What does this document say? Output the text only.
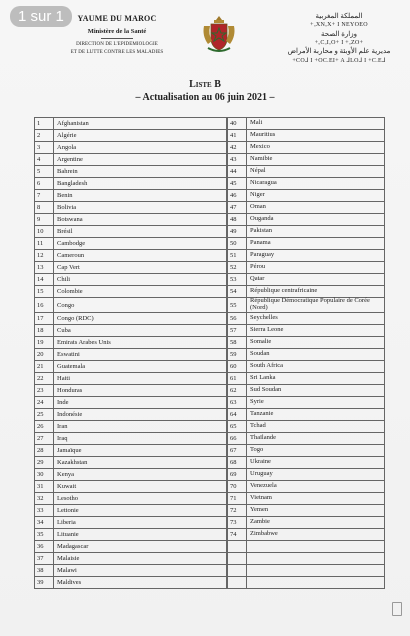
YAUME DU MAROC
Ministère de la Santé
DIRECTION DE L'EPIDEMIOLOGIE
ET DE LUTTE CONTRE LES MALADIES
المملكة المغربية
+ₒXNₒX+ I NEYOEO
وزارة الصحة
+ₒCₒIₒO+ I +ₒZO+
مديرية علم الأوبئة و محاربة الأمراض
+CO⅃ I +OC.EI+ A ⅃LO⅃ I +C.E⅃
Liste B
– Actualisation au 06 juin 2021 –
1	Afghanistan
2	Algérie
3	Angola
4	Argentine
5	Bahrein
6	Bangladesh
7	Benin
8	Bolivia
9	Botswana
10	Brésil
11	Cambodge
12	Cameroun
13	Cap Vert
14	Chili
15	Colombie
16	Congo
17	Congo (RDC)
18	Cuba
19	Emirats Arabes Unis
20	Eswatini
21	Guatemala
22	Haiti
23	Honduras
24	Inde
25	Indonésie
26	Iran
27	Iraq
28	Jamaïque
29	Kazakhstan
30	Kenya
31	Kuwait
32	Lesotho
33	Lettonie
34	Liberia
35	Lituanie
36	Madagascar
37	Malaisie
38	Malawi
39	Maldives
40	Mali
41	Mauritius
42	Mexico
43	Namibie
44	Népal
45	Nicaragua
46	Niger
47	Oman
48	Ouganda
49	Pakistan
50	Panama
51	Paraguay
52	Pérou
53	Qatar
54	République centrafricaine
55	République Démocratique Populaire de Corée (Nord)
56	Seychelles
57	Sierra Leone
58	Somalie
59	Soudan
60	South Africa
61	Sri Lanka
62	Sud Soudan
63	Syrie
64	Tanzanie
65	Tchad
66	Thaïlande
67	Togo
68	Ukraine
69	Uruguay
70	Venezuela
71	Vietnam
72	Yemen
73	Zambie
74	Zimbabwe

1 sur 1
